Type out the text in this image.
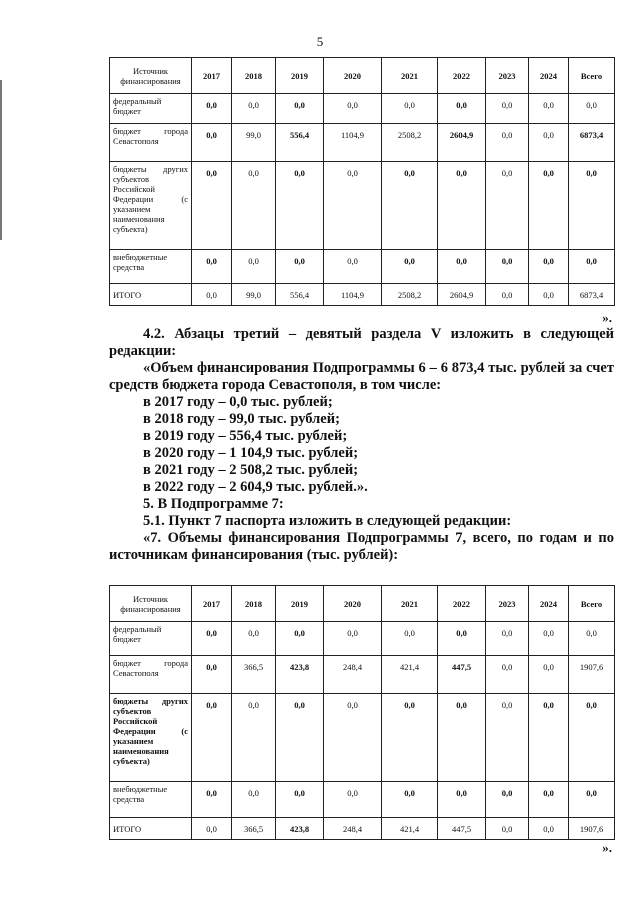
5
Источник финансирования	2017	2018	2019	2020	2021	2022	2023	2024	Всего
федеральный бюджет	0,0	0,0	0,0	0,0	0,0	0,0	0,0	0,0	0,0
бюджет города Севастополя	0,0	99,0	556,4	1104,9	2508,2	2604,9	0,0	0,0	6873,4
бюджеты других субъектов Российской Федерации (с указанием наименования субъекта)	0,0	0,0	0,0	0,0	0,0	0,0	0,0	0,0	0,0
внебюджетные средства	0,0	0,0	0,0	0,0	0,0	0,0	0,0	0,0	0,0
ИТОГО	0,0	99,0	556,4	1104,9	2508,2	2604,9	0,0	0,0	6873,4
».

4.2. Абзацы третий – девятый раздела V изложить в следующей редакции:

«Объем финансирования Подпрограммы 6 – 6 873,4 тыс. рублей за счет средств бюджета города Севастополя, в том числе:

в 2017 году – 0,0 тыс. рублей;

в 2018 году – 99,0 тыс. рублей;

в 2019 году – 556,4 тыс. рублей;

в 2020 году – 1 104,9 тыс. рублей;

в 2021 году – 2 508,2 тыс. рублей;

в 2022 году – 2 604,9 тыс. рублей.».

5. В Подпрограмме 7:

5.1. Пункт 7 паспорта изложить в следующей редакции:

«7. Объемы финансирования Подпрограммы 7, всего, по годам и по источникам финансирования (тыс. рублей):

Источник финансирования	2017	2018	2019	2020	2021	2022	2023	2024	Всего
федеральный бюджет	0,0	0,0	0,0	0,0	0,0	0,0	0,0	0,0	0,0
бюджет города Севастополя	0,0	366,5	423,8	248,4	421,4	447,5	0,0	0,0	1907,6
бюджеты других субъектов Российской Федерации (с указанием наименования субъекта)	0,0	0,0	0,0	0,0	0,0	0,0	0,0	0,0	0,0
внебюджетные средства	0,0	0,0	0,0	0,0	0,0	0,0	0,0	0,0	0,0
ИТОГО	0,0	366,5	423,8	248,4	421,4	447,5	0,0	0,0	1907,6
».
